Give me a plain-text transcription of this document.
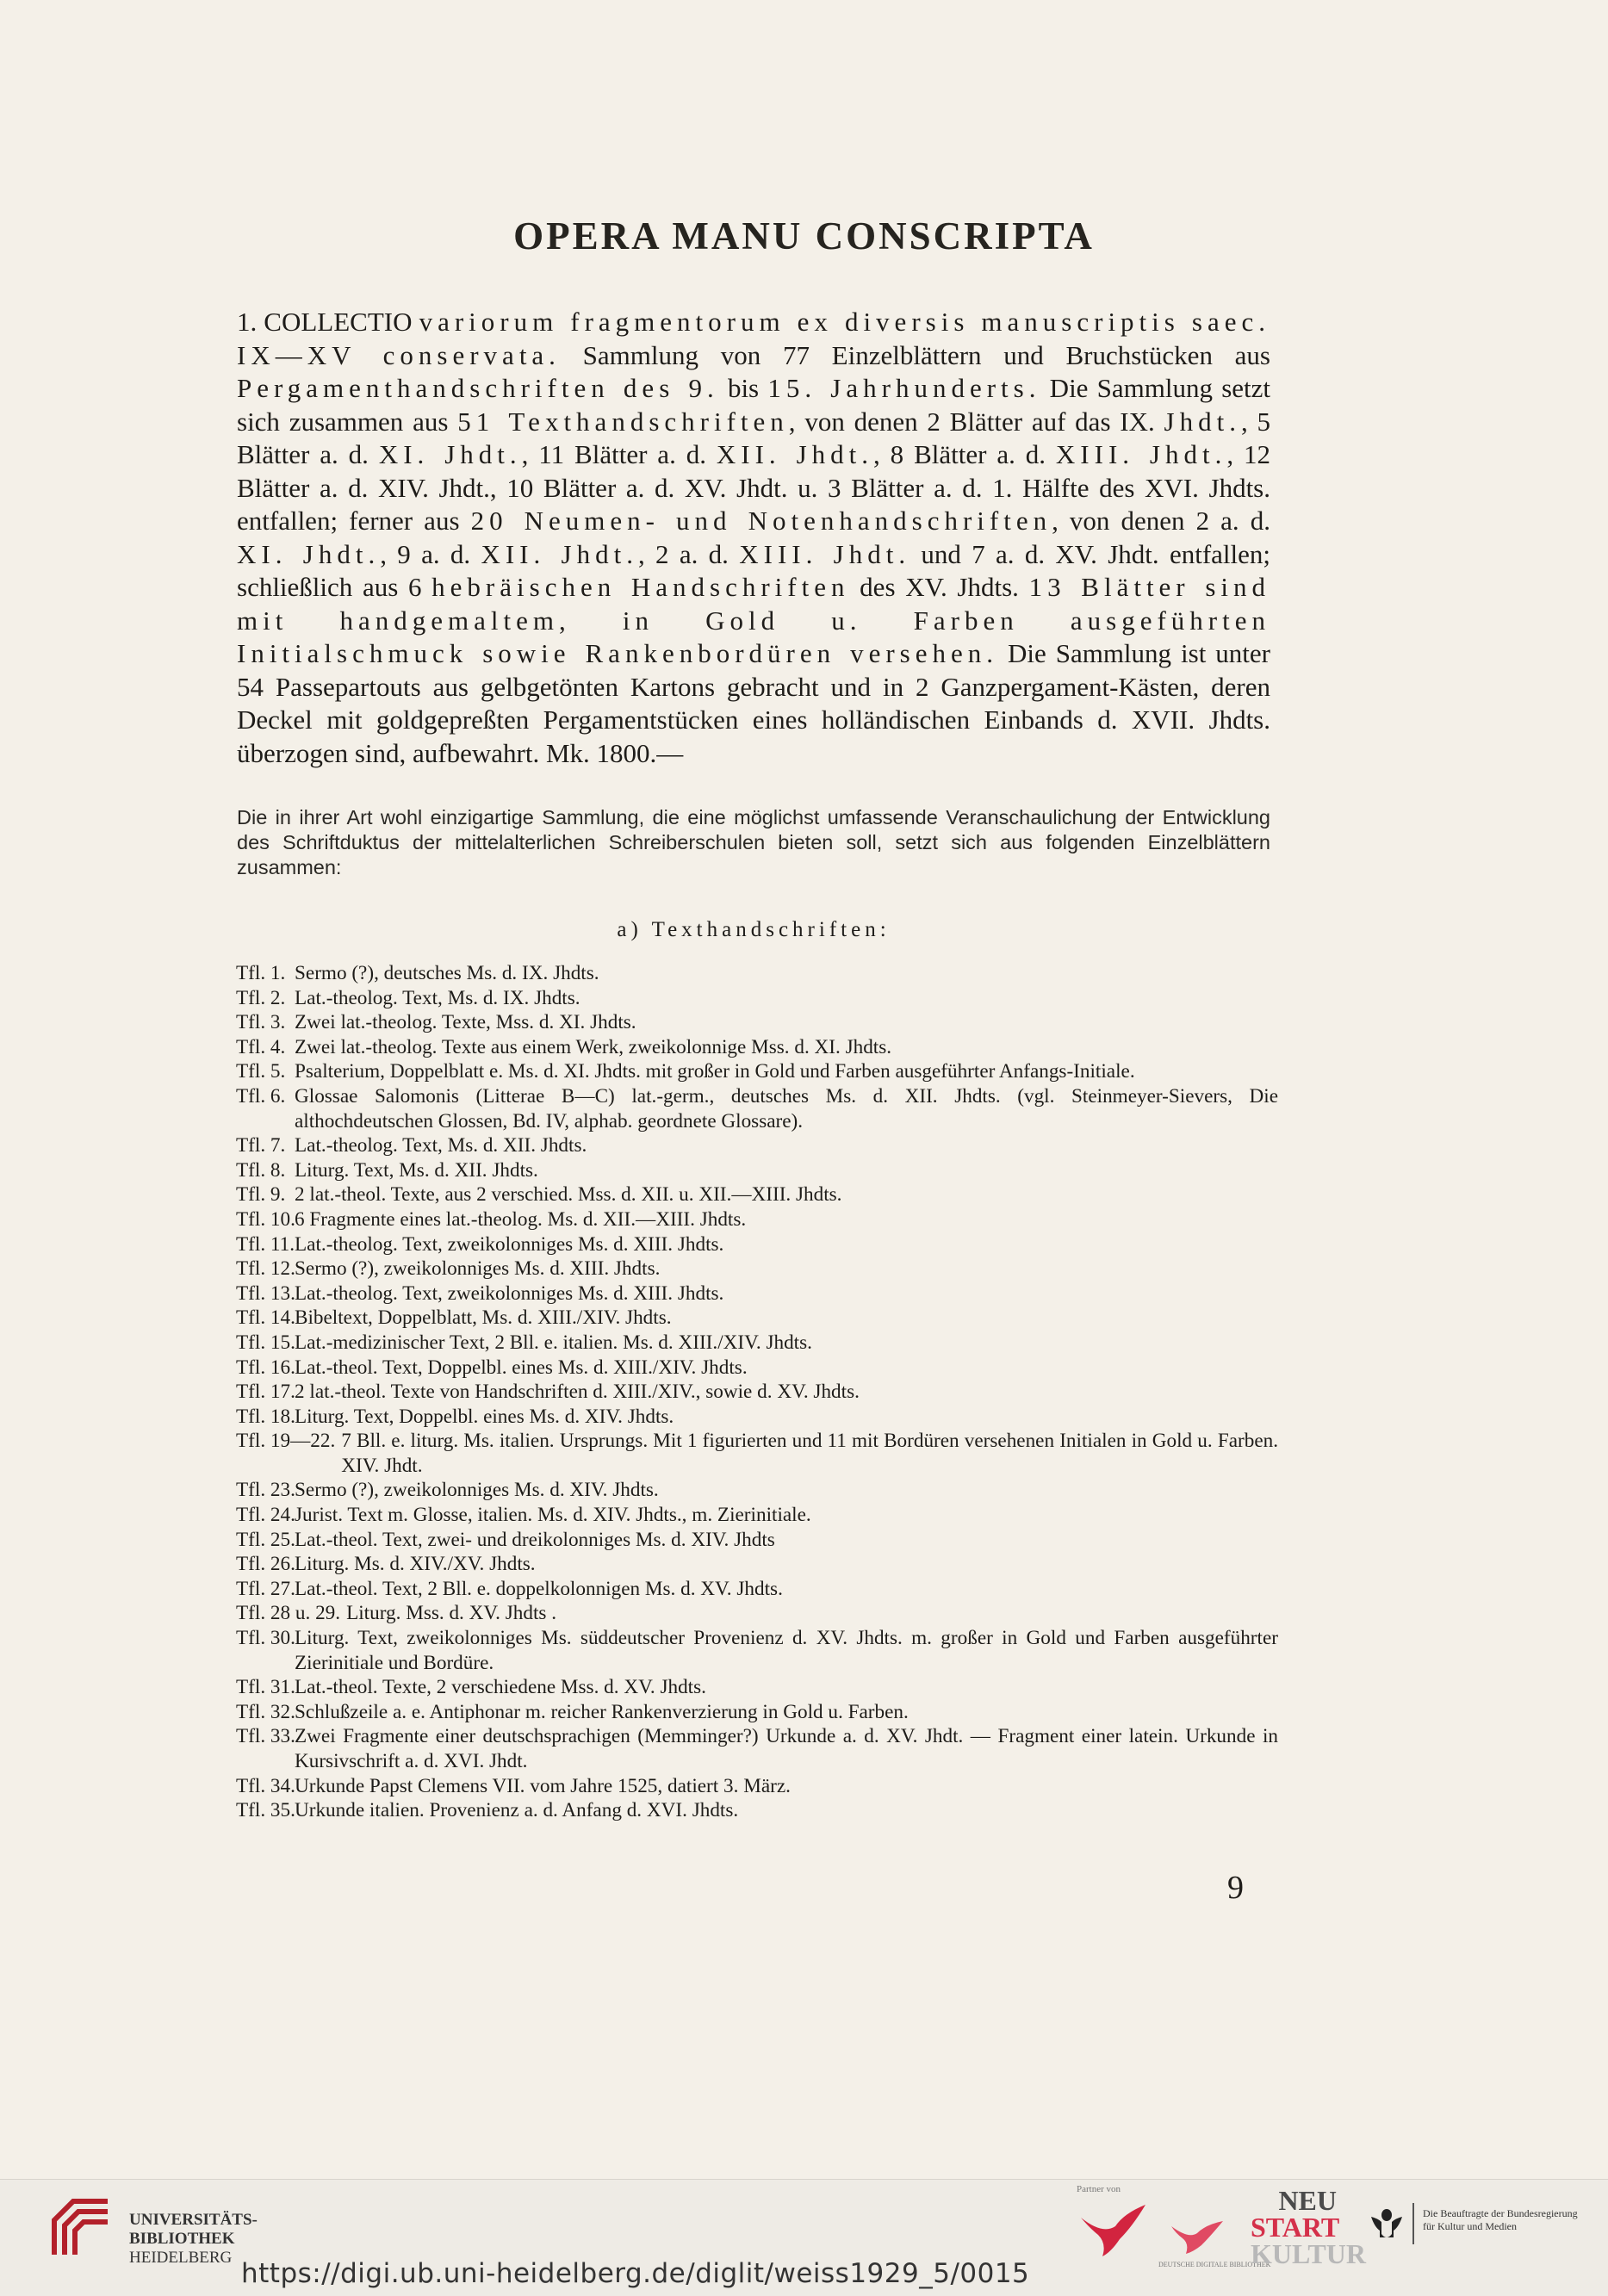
OPERA MANU CONSCRIPTA

1. COLLECTIO variorum fragmentorum ex diversis manuscriptis saec. IX—XV conservata. Sammlung von 77 Einzelblättern und Bruchstücken aus Pergamenthandschriften des 9. bis 15. Jahrhunderts. Die Sammlung setzt sich zusammen aus 51 Texthandschriften, von denen 2 Blätter auf das IX. Jhdt., 5 Blätter a. d. XI. Jhdt., 11 Blätter a. d. XII. Jhdt., 8 Blätter a. d. XIII. Jhdt., 12 Blätter a. d. XIV. Jhdt., 10 Blätter a. d. XV. Jhdt. u. 3 Blätter a. d. 1. Hälfte des XVI. Jhdts. entfallen; ferner aus 20 Neumen- und Notenhandschriften, von denen 2 a. d. XI. Jhdt., 9 a. d. XII. Jhdt., 2 a. d. XIII. Jhdt. und 7 a. d. XV. Jhdt. entfallen; schließlich aus 6 hebräischen Handschriften des XV. Jhdts. 13 Blätter sind mit handgemaltem, in Gold u. Farben ausgeführten Initialschmuck sowie Rankenbordüren versehen. Die Sammlung ist unter 54 Passepartouts aus gelbgetönten Kartons gebracht und in 2 Ganzpergament-Kästen, deren Deckel mit goldgepreßten Pergamentstücken eines holländischen Einbands d. XVII. Jhdts. überzogen sind, aufbewahrt. Mk. 1800.—

Die in ihrer Art wohl einzigartige Sammlung, die eine möglichst umfassende Veranschaulichung der Entwicklung des Schriftduktus der mittelalterlichen Schreiberschulen bieten soll, setzt sich aus folgenden Einzelblättern zusammen:

a) Texthandschriften:

Tfl. 1. Sermo (?), deutsches Ms. d. IX. Jhdts.
Tfl. 2. Lat.-theolog. Text, Ms. d. IX. Jhdts.
Tfl. 3. Zwei lat.-theolog. Texte, Mss. d. XI. Jhdts.
Tfl. 4. Zwei lat.-theolog. Texte aus einem Werk, zweikolonnige Mss. d. XI. Jhdts.
Tfl. 5. Psalterium, Doppelblatt e. Ms. d. XI. Jhdts. mit großer in Gold und Farben ausgeführter Anfangs-Initiale.
Tfl. 6. Glossae Salomonis (Litterae B—C) lat.-germ., deutsches Ms. d. XII. Jhdts. (vgl. Steinmeyer-Sievers, Die althochdeutschen Glossen, Bd. IV, alphab. geordnete Glossare).
Tfl. 7. Lat.-theolog. Text, Ms. d. XII. Jhdts.
Tfl. 8. Liturg. Text, Ms. d. XII. Jhdts.
Tfl. 9. 2 lat.-theol. Texte, aus 2 verschied. Mss. d. XII. u. XII.—XIII. Jhdts.
Tfl. 10. 6 Fragmente eines lat.-theolog. Ms. d. XII.—XIII. Jhdts.
Tfl. 11. Lat.-theolog. Text, zweikolonniges Ms. d. XIII. Jhdts.
Tfl. 12. Sermo (?), zweikolonniges Ms. d. XIII. Jhdts.
Tfl. 13. Lat.-theolog. Text, zweikolonniges Ms. d. XIII. Jhdts.
Tfl. 14. Bibeltext, Doppelblatt, Ms. d. XIII./XIV. Jhdts.
Tfl. 15. Lat.-medizinischer Text, 2 Bll. e. italien. Ms. d. XIII./XIV. Jhdts.
Tfl. 16. Lat.-theol. Text, Doppelbl. eines Ms. d. XIII./XIV. Jhdts.
Tfl. 17. 2 lat.-theol. Texte von Handschriften d. XIII./XIV., sowie d. XV. Jhdts.
Tfl. 18. Liturg. Text, Doppelbl. eines Ms. d. XIV. Jhdts.
Tfl. 19—22. 7 Bll. e. liturg. Ms. italien. Ursprungs. Mit 1 figurierten und 11 mit Bordüren versehenen Initialen in Gold u. Farben. XIV. Jhdt.
Tfl. 23. Sermo (?), zweikolonniges Ms. d. XIV. Jhdts.
Tfl. 24. Jurist. Text m. Glosse, italien. Ms. d. XIV. Jhdts., m. Zierinitiale.
Tfl. 25. Lat.-theol. Text, zwei- und dreikolonniges Ms. d. XIV. Jhdts
Tfl. 26. Liturg. Ms. d. XIV./XV. Jhdts.
Tfl. 27. Lat.-theol. Text, 2 Bll. e. doppelkolonnigen Ms. d. XV. Jhdts.
Tfl. 28 u. 29. Liturg. Mss. d. XV. Jhdts .
Tfl. 30. Liturg. Text, zweikolonniges Ms. süddeutscher Provenienz d. XV. Jhdts. m. großer in Gold und Farben ausgeführter Zierinitiale und Bordüre.
Tfl. 31. Lat.-theol. Texte, 2 verschiedene Mss. d. XV. Jhdts.
Tfl. 32. Schlußzeile a. e. Antiphonar m. reicher Rankenverzierung in Gold u. Farben.
Tfl. 33. Zwei Fragmente einer deutschsprachigen (Memminger?) Urkunde a. d. XV. Jhdt. — Fragment einer latein. Urkunde in Kursivschrift a. d. XVI. Jhdt.
Tfl. 34. Urkunde Papst Clemens VII. vom Jahre 1525, datiert 3. März.
Tfl. 35. Urkunde italien. Provenienz a. d. Anfang d. XVI. Jhdts.

9

UNIVERSITÄTS-
BIBLIOTHEK
HEIDELBERG

https://digi.ub.uni-heidelberg.de/diglit/weiss1929_5/0015

Partner von

DEUTSCHE DIGITALE BIBLIOTHEK

NEU
START
KULTUR

Die Beauftragte der Bundesregierung
für Kultur und Medien
